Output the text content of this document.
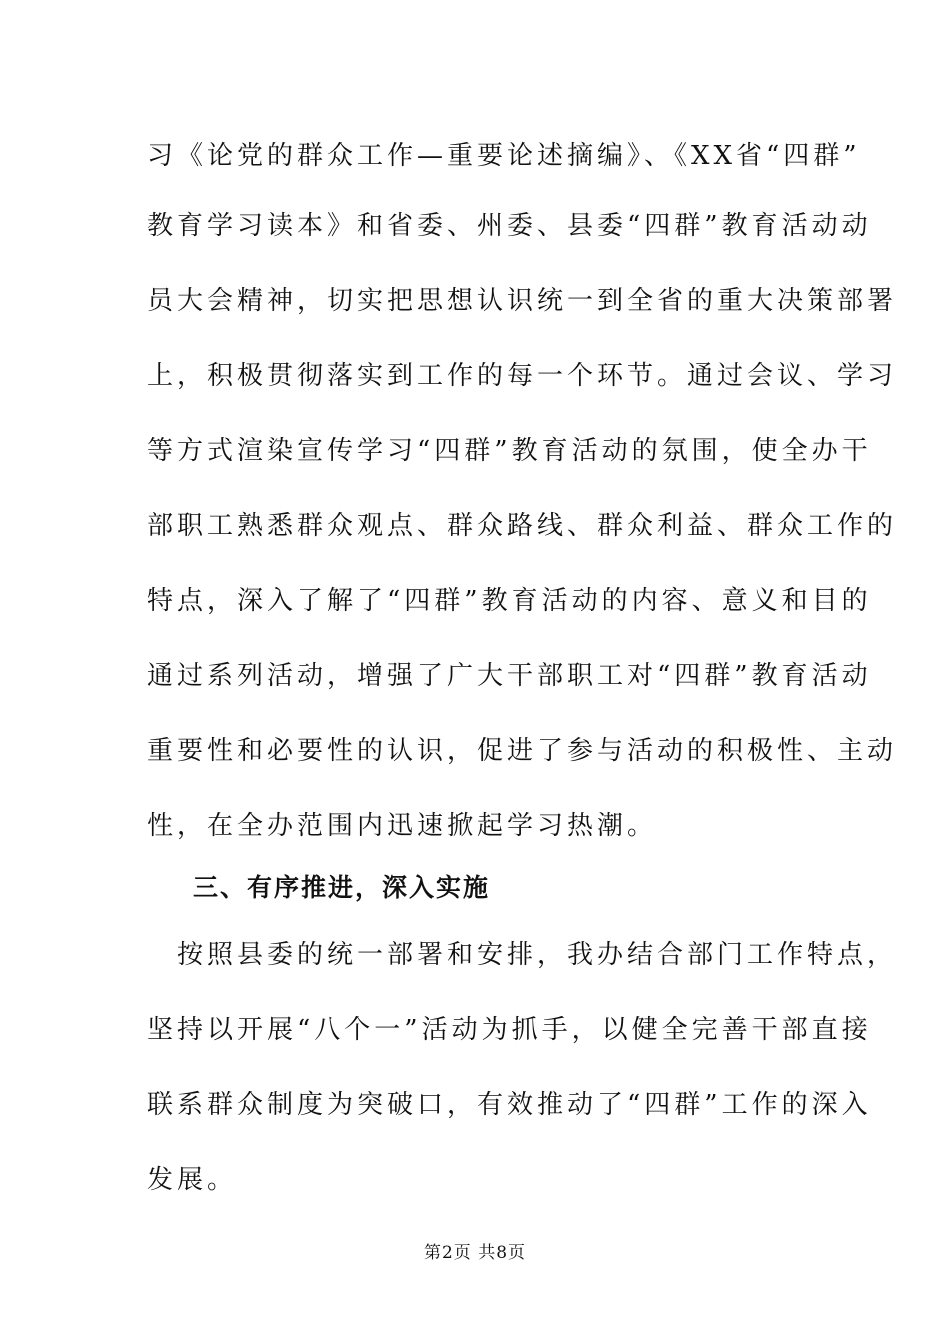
习《论党的群众工作—重要论述摘编》、《XX省“四群”
教育学习读本》和省委、州委、县委“四群”教育活动动
员大会精神，切实把思想认识统一到全省的重大决策部署
上，积极贯彻落实到工作的每一个环节。通过会议、学习
等方式渲染宣传学习“四群”教育活动的氛围，使全办干
部职工熟悉群众观点、群众路线、群众利益、群众工作的
特点，深入了解了“四群”教育活动的内容、意义和目的
通过系列活动，增强了广大干部职工对“四群”教育活动
重要性和必要性的认识，促进了参与活动的积极性、主动
性，在全办范围内迅速掀起学习热潮。
三、有序推进，深入实施
　按照县委的统一部署和安排，我办结合部门工作特点，
坚持以开展“八个一”活动为抓手，以健全完善干部直接
联系群众制度为突破口，有效推动了“四群”工作的深入
发展。
第2页 共8页
